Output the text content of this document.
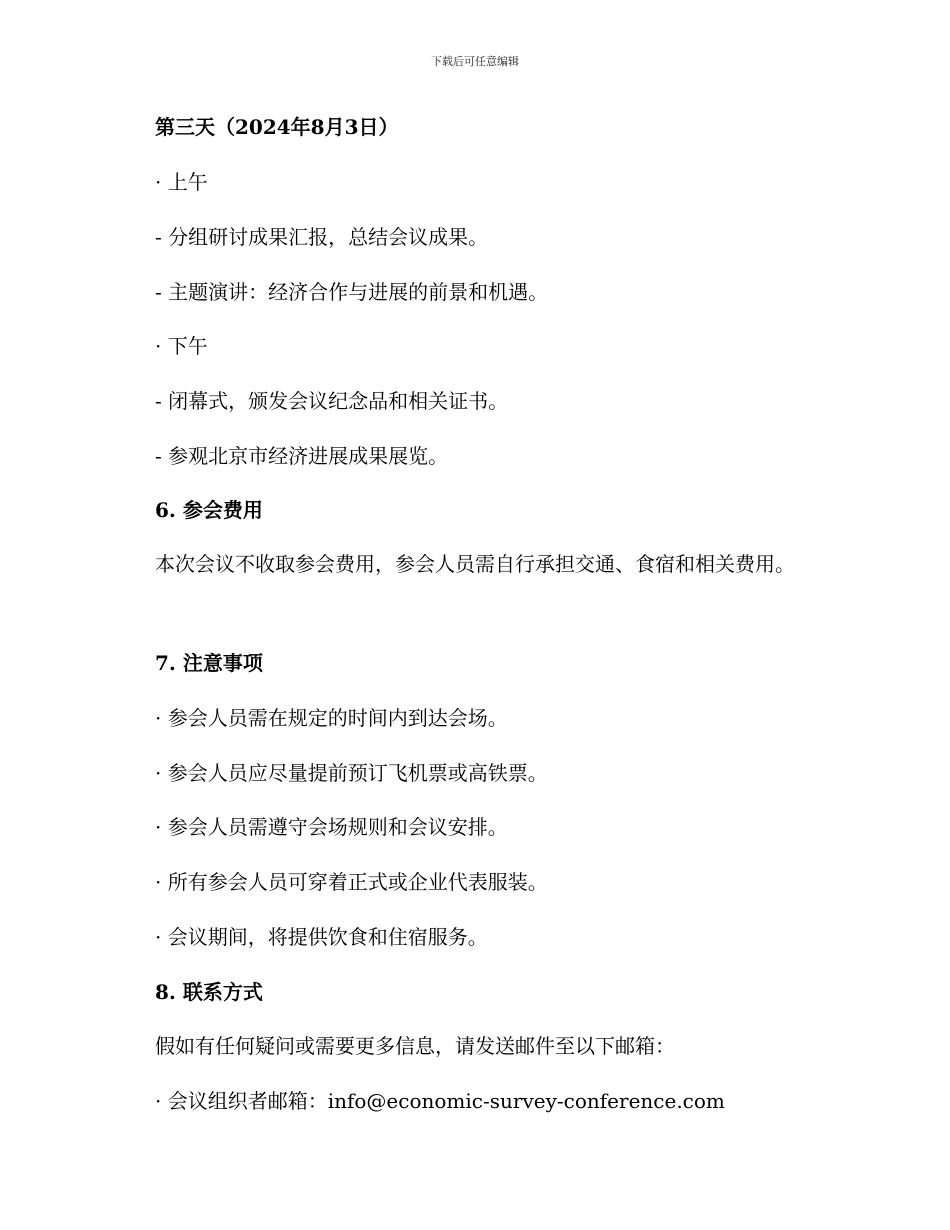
下载后可任意编辑
第三天（2024年8月3日）
· 上午
- 分组研讨成果汇报，总结会议成果。
- 主题演讲：经济合作与进展的前景和机遇。
· 下午
- 闭幕式，颁发会议纪念品和相关证书。
- 参观北京市经济进展成果展览。
6. 参会费用
本次会议不收取参会费用，参会人员需自行承担交通、食宿和相关费用。
7. 注意事项
· 参会人员需在规定的时间内到达会场。
· 参会人员应尽量提前预订飞机票或高铁票。
· 参会人员需遵守会场规则和会议安排。
· 所有参会人员可穿着正式或企业代表服装。
· 会议期间，将提供饮食和住宿服务。
8. 联系方式
假如有任何疑问或需要更多信息，请发送邮件至以下邮箱：
· 会议组织者邮箱：info@economic-survey-conference.com
